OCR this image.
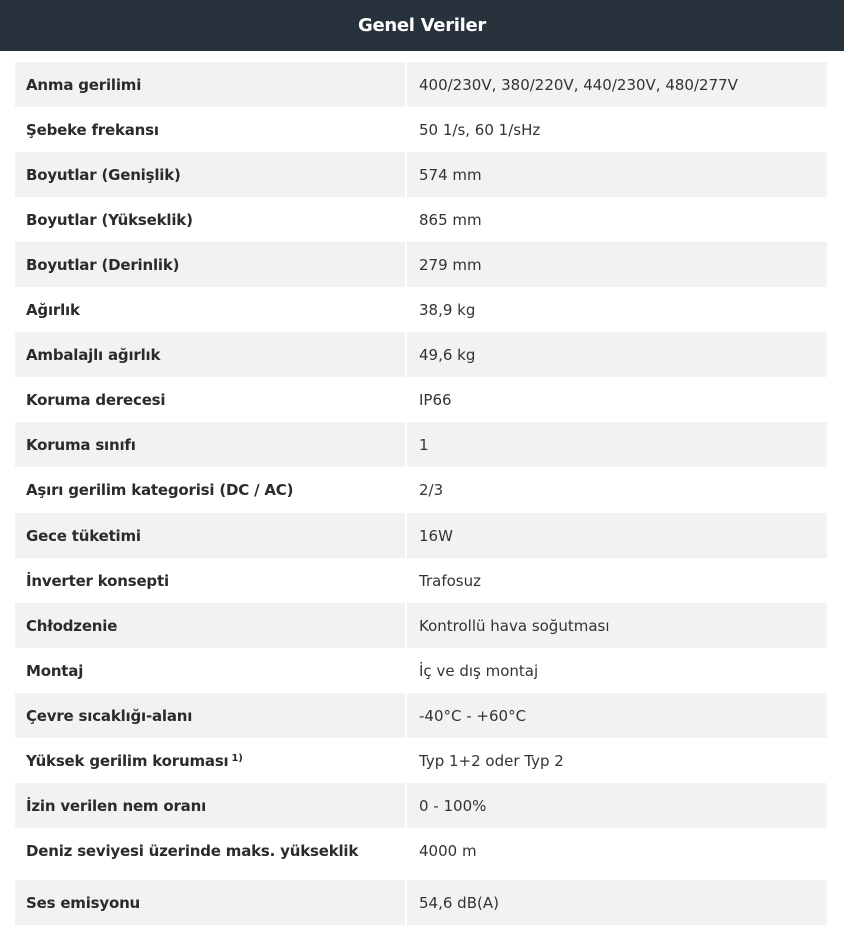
Genel Veriler
Anma gerilimi	400/230V, 380/220V, 440/230V, 480/277V
Şebeke frekansı	50 1/s, 60 1/sHz
Boyutlar (Genişlik)	574 mm
Boyutlar (Yükseklik)	865 mm
Boyutlar (Derinlik)	279 mm
Ağırlık	38,9 kg
Ambalajlı ağırlık	49,6 kg
Koruma derecesi	IP66
Koruma sınıfı	1
Aşırı gerilim kategorisi (DC / AC)	2/3
Gece tüketimi	16W
İnverter konsepti	Trafosuz
Chłodzenie	Kontrollü hava soğutması
Montaj	İç ve dış montaj
Çevre sıcaklığı-alanı	-40°C - +60°C
Yüksek gerilim koruması $^{1)}$	Typ 1+2 oder Typ 2
İzin verilen nem oranı	0 - 100%
Deniz seviyesi üzerinde maks. yükseklik	4000 m
Ses emisyonu	54,6 dB(A)
